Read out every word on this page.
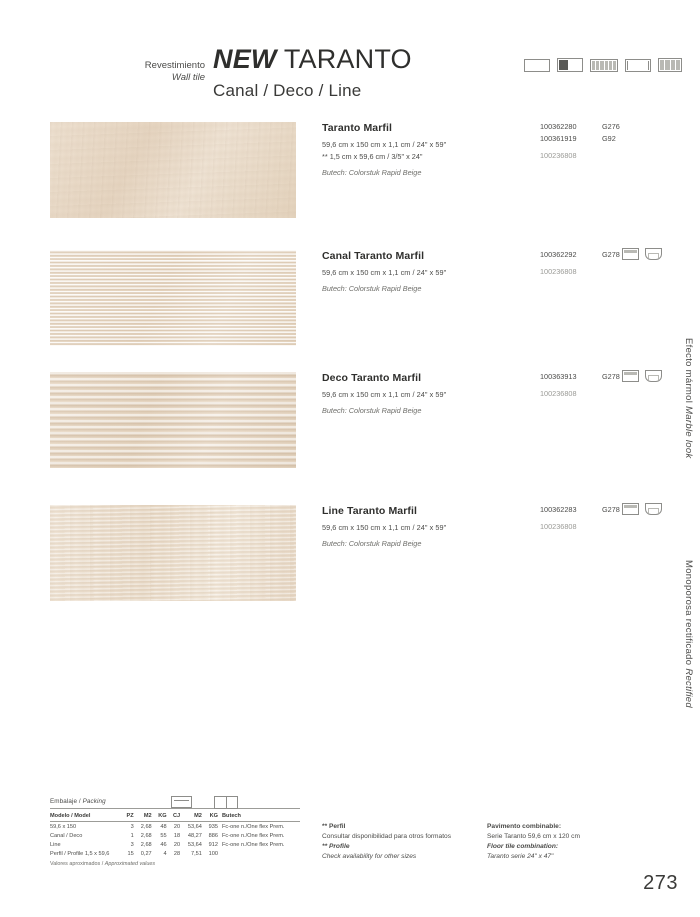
Revestimiento
Wall tile
NEW TARANTO
Canal / Deco / Line
Efecto mármol Marble look
Monoporosa rectificado Rectified
Taranto Marfil
59,6 cm x 150 cm x 1,1 cm / 24" x 59"
** 1,5 cm x 59,6 cm / 3/5" x 24"
Butech: Colorstuk Rapid Beige
100362280	G276
100361919	G92
100236808
Canal Taranto Marfil
59,6 cm x 150 cm x 1,1 cm / 24" x 59"
Butech: Colorstuk Rapid Beige
100362292	G278
100236808
Deco Taranto Marfil
59,6 cm x 150 cm x 1,1 cm / 24" x 59"
Butech: Colorstuk Rapid Beige
100363913	G278
100236808
Line Taranto Marfil
59,6 cm x 150 cm x 1,1 cm / 24" x 59"
Butech: Colorstuk Rapid Beige
100362283	G278
100236808
Embalaje / Packing
Modelo / Model	PZ	M2	KG	CJ	M2	KG	Butech
59,6 x 150	3	2,68	48	20	53,64	935	Fc-one n./One flex Prem.
Canal / Deco	1	2,68	55	18	48,27	886	Fc-one n./One flex Prem.
Line	3	2,68	46	20	53,64	912	Fc-one n./One flex Prem.
Perfil / Profile 1,5 x 59,6	15	0,27	4	28	7,51	100	
Valores aproximados / Approximated values
** Perfil
Consultar disponibilidad para otros formatos
** Profile
Check availability for other sizes
Pavimento combinable:
Serie Taranto 59,6 cm x 120 cm
Floor tile combination:
Taranto serie 24" x 47"
273
